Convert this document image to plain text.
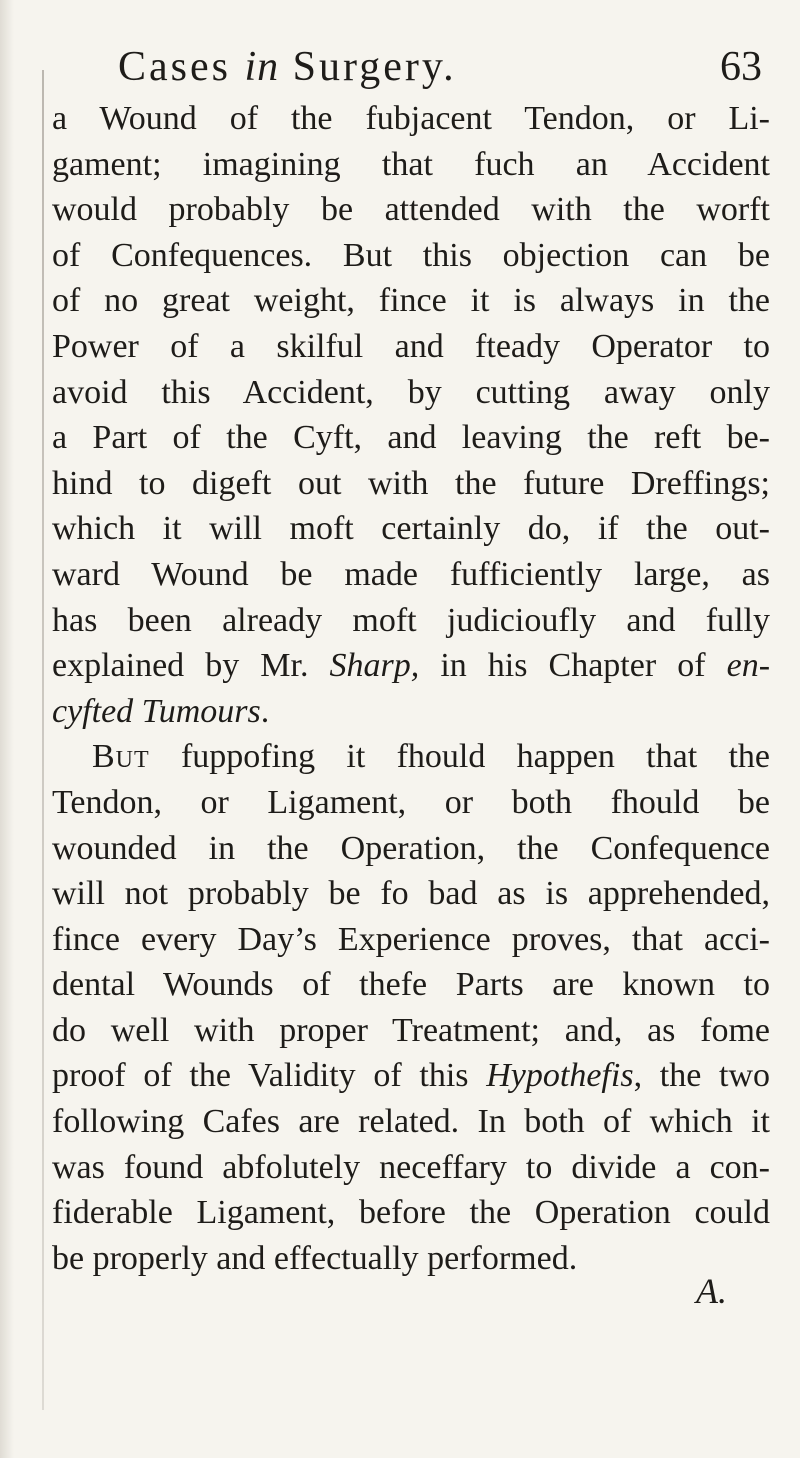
Cases in Surgery.	63
a Wound of the fubjacent Tendon, or Li-
gament; imagining that fuch an Accident
would probably be attended with the worft
of Confequences. But this objection can be
of no great weight, fince it is always in the
Power of a skilful and fteady Operator to
avoid this Accident, by cutting away only
a Part of the Cyft, and leaving the reft be-
hind to digeft out with the future Dreffings;
which it will moft certainly do, if the out-
ward Wound be made fufficiently large, as
has been already moft judicioufly and fully
explained by Mr. Sharp, in his Chapter of en-
cyfted Tumours.
But fuppofing it fhould happen that the
Tendon, or Ligament, or both fhould be
wounded in the Operation, the Confequence
will not probably be fo bad as is apprehended,
fince every Day’s Experience proves, that acci-
dental Wounds of thefe Parts are known to
do well with proper Treatment; and, as fome
proof of the Validity of this Hypothefis, the two
following Cafes are related. In both of which it
was found abfolutely neceffary to divide a con-
fiderable Ligament, before the Operation could
be properly and effectually performed.
A.
